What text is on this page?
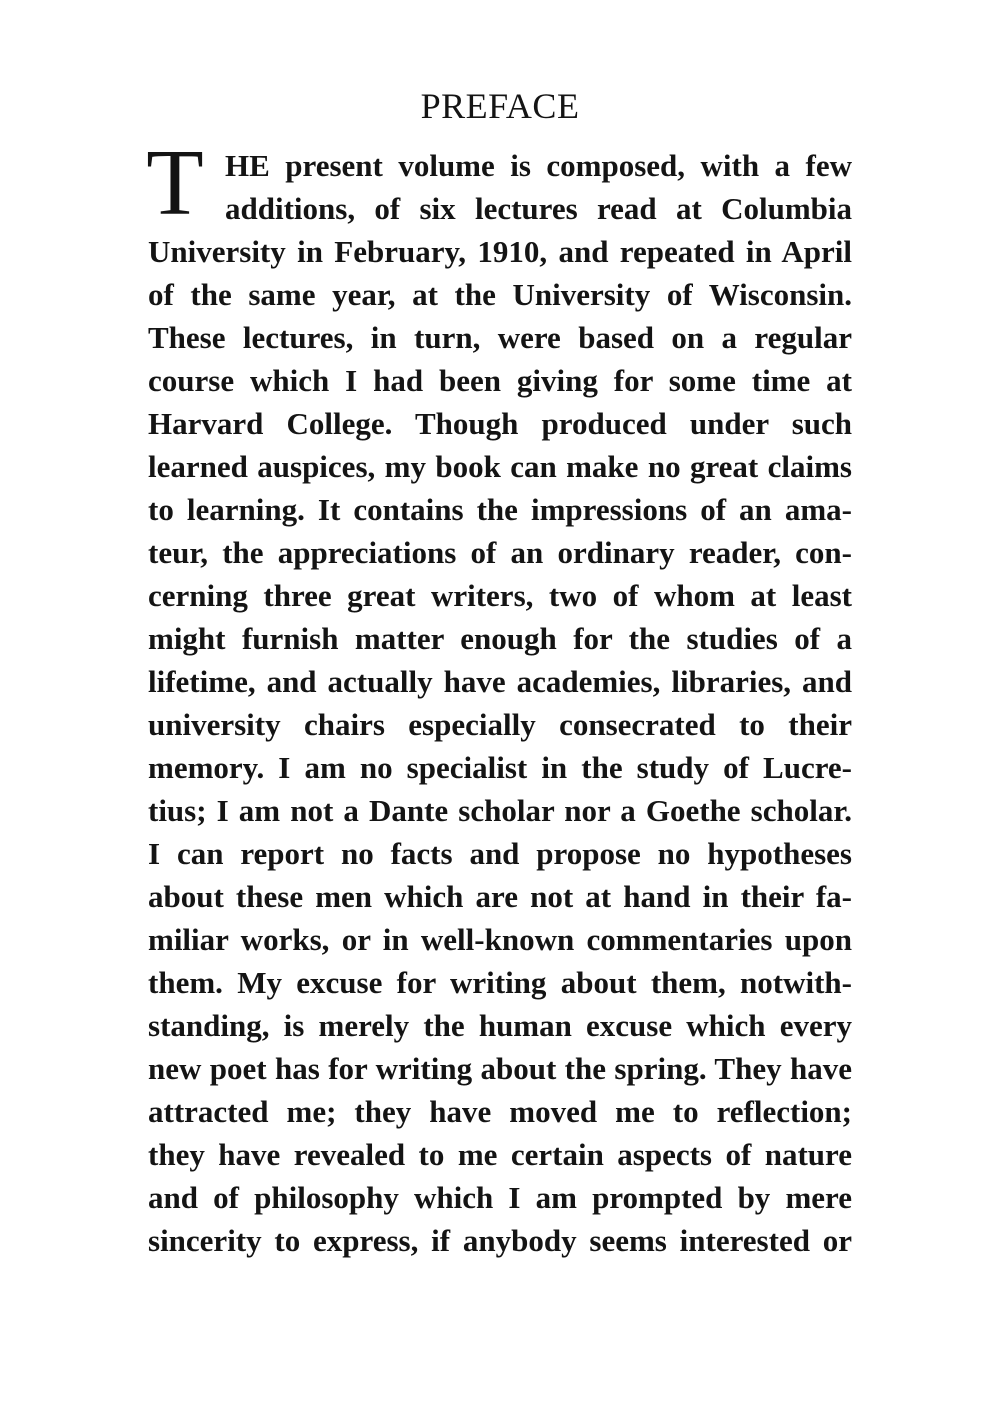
PREFACE
T HE present volume is composed, with a few
additions, of six lectures read at Columbia
University in February, 1910, and repeated in April
of the same year, at the University of Wisconsin.
These lectures, in turn, were based on a regular
course which I had been giving for some time at
Harvard College. Though produced under such
learned auspices, my book can make no great claims
to learning. It contains the impressions of an ama-
teur, the appreciations of an ordinary reader, con-
cerning three great writers, two of whom at least
might furnish matter enough for the studies of a
lifetime, and actually have academies, libraries, and
university chairs especially consecrated to their
memory. I am no specialist in the study of Lucre-
tius; I am not a Dante scholar nor a Goethe scholar.
I can report no facts and propose no hypotheses
about these men which are not at hand in their fa-
miliar works, or in well-known commentaries upon
them. My excuse for writing about them, notwith-
standing, is merely the human excuse which every
new poet has for writing about the spring. They have
attracted me; they have moved me to reflection;
they have revealed to me certain aspects of nature
and of philosophy which I am prompted by mere
sincerity to express, if anybody seems interested or
